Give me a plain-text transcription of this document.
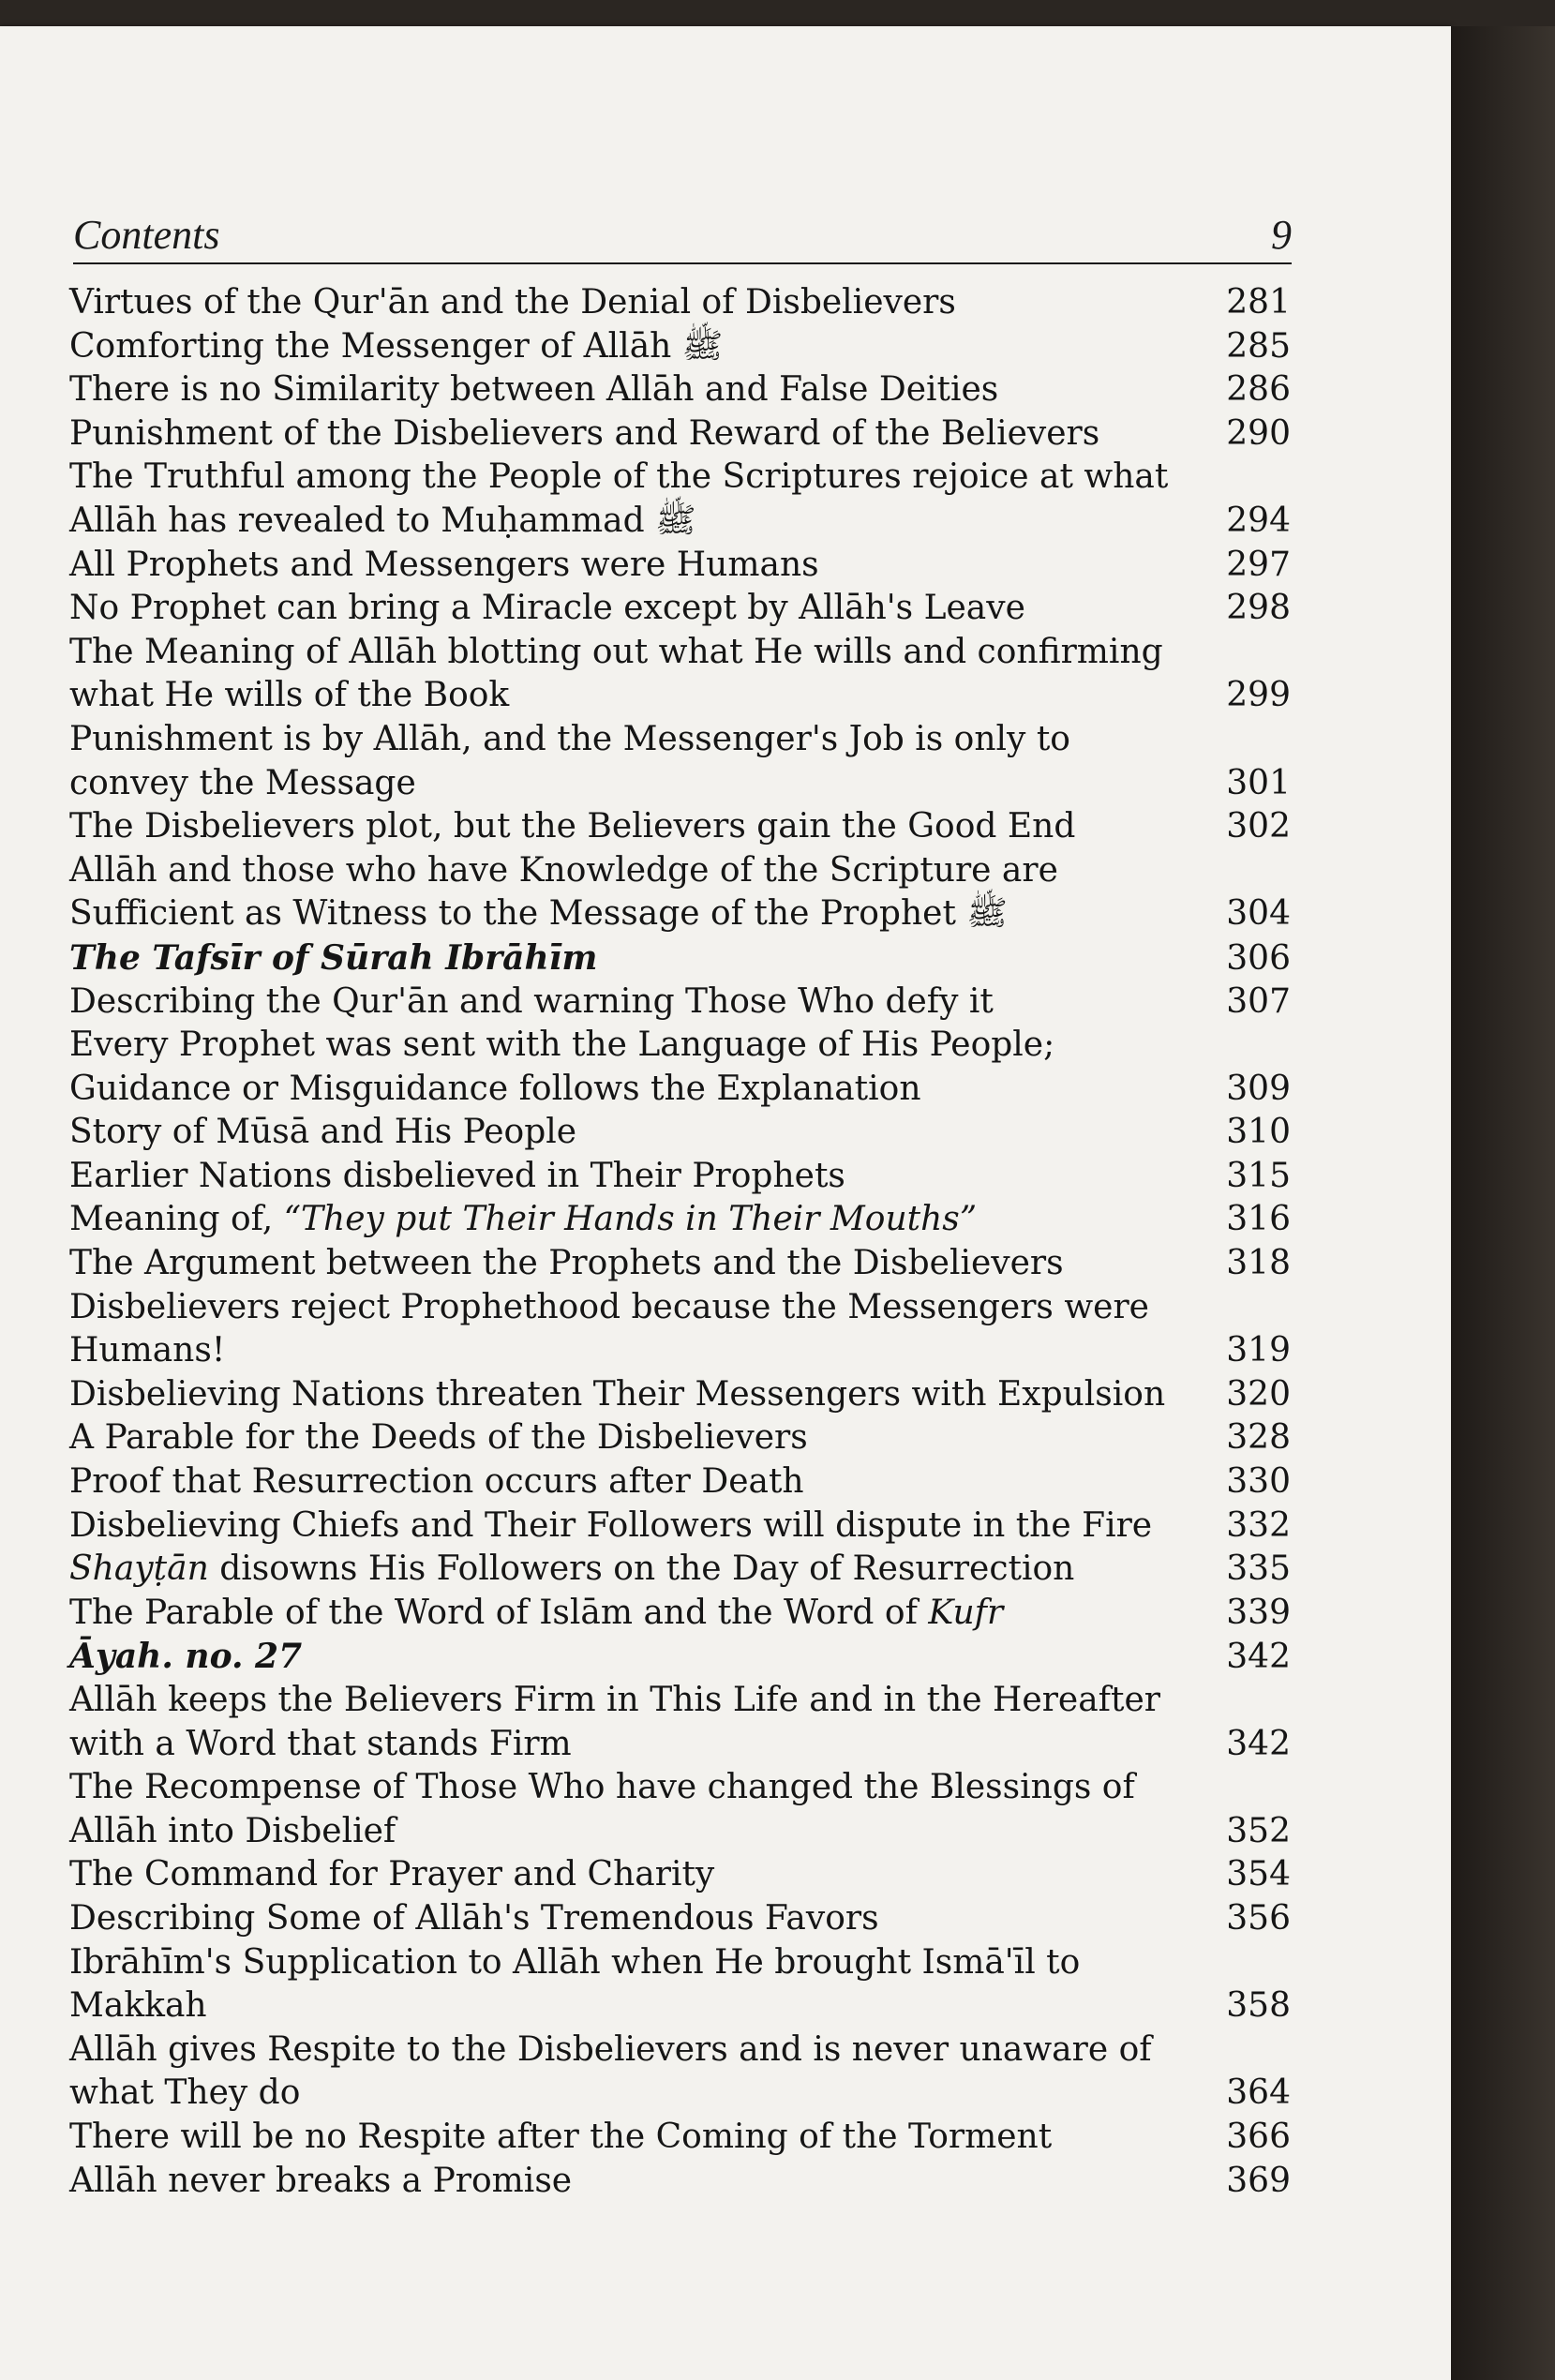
Contents	9
Virtues of the Qur'ān and the Denial of Disbelievers	281
Comforting the Messenger of Allāh ﷺ	285
There is no Similarity between Allāh and False Deities	286
Punishment of the Disbelievers and Reward of the Believers	290
The Truthful among the People of the Scriptures rejoice at what
Allāh has revealed to Muḥammad ﷺ	294
All Prophets and Messengers were Humans	297
No Prophet can bring a Miracle except by Allāh's Leave	298
The Meaning of Allāh blotting out what He wills and confirming
what He wills of the Book	299
Punishment is by Allāh, and the Messenger's Job is only to
convey the Message	301
The Disbelievers plot, but the Believers gain the Good End	302
Allāh and those who have Knowledge of the Scripture are
Sufficient as Witness to the Message of the Prophet ﷺ	304
The Tafsīr of Sūrah Ibrāhīm	306
Describing the Qur'ān and warning Those Who defy it	307
Every Prophet was sent with the Language of His People;
Guidance or Misguidance follows the Explanation	309
Story of Mūsā and His People	310
Earlier Nations disbelieved in Their Prophets	315
Meaning of, “They put Their Hands in Their Mouths”	316
The Argument between the Prophets and the Disbelievers	318
Disbelievers reject Prophethood because the Messengers were
Humans!	319
Disbelieving Nations threaten Their Messengers with Expulsion	320
A Parable for the Deeds of the Disbelievers	328
Proof that Resurrection occurs after Death	330
Disbelieving Chiefs and Their Followers will dispute in the Fire	332
Shayṭān disowns His Followers on the Day of Resurrection	335
The Parable of the Word of Islām and the Word of Kufr	339
Āyah. no. 27	342
Allāh keeps the Believers Firm in This Life and in the Hereafter
with a Word that stands Firm	342
The Recompense of Those Who have changed the Blessings of
Allāh into Disbelief	352
The Command for Prayer and Charity	354
Describing Some of Allāh's Tremendous Favors	356
Ibrāhīm's Supplication to Allāh when He brought Ismā'īl to
Makkah	358
Allāh gives Respite to the Disbelievers and is never unaware of
what They do	364
There will be no Respite after the Coming of the Torment	366
Allāh never breaks a Promise	369
